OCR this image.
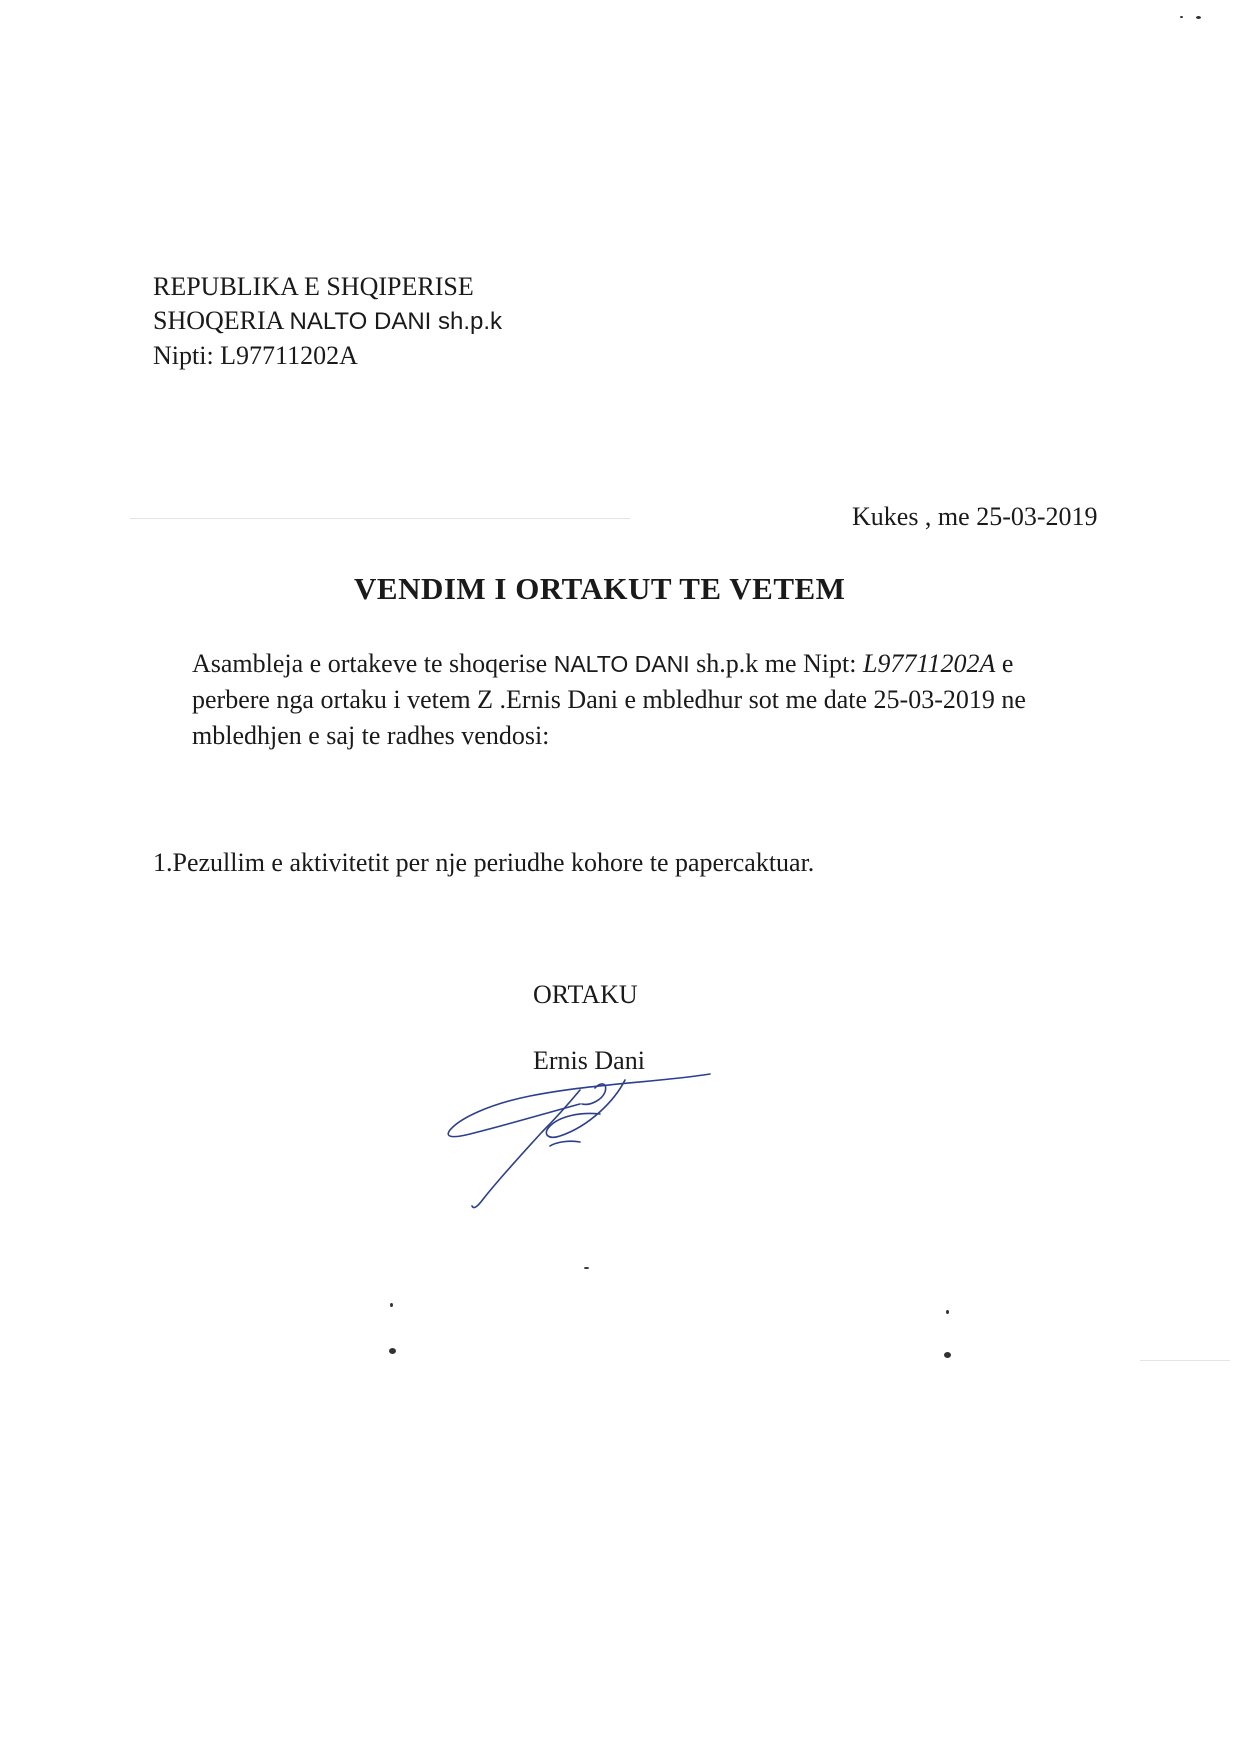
REPUBLIKA E SHQIPERISE
SHOQERIA NALTO DANI sh.p.k
Nipti: L97711202A
Kukes , me 25-03-2019
VENDIM I ORTAKUT TE VETEM
Asambleja e ortakeve te shoqerise NALTO DANI sh.p.k me Nipt: L97711202A e
perbere nga ortaku i vetem Z .Ernis Dani e mbledhur sot me date 25-03-2019 ne
mbledhjen e saj te radhes vendosi:
1.Pezullim e aktivitetit per nje periudhe kohore te papercaktuar.
ORTAKU
Ernis Dani
